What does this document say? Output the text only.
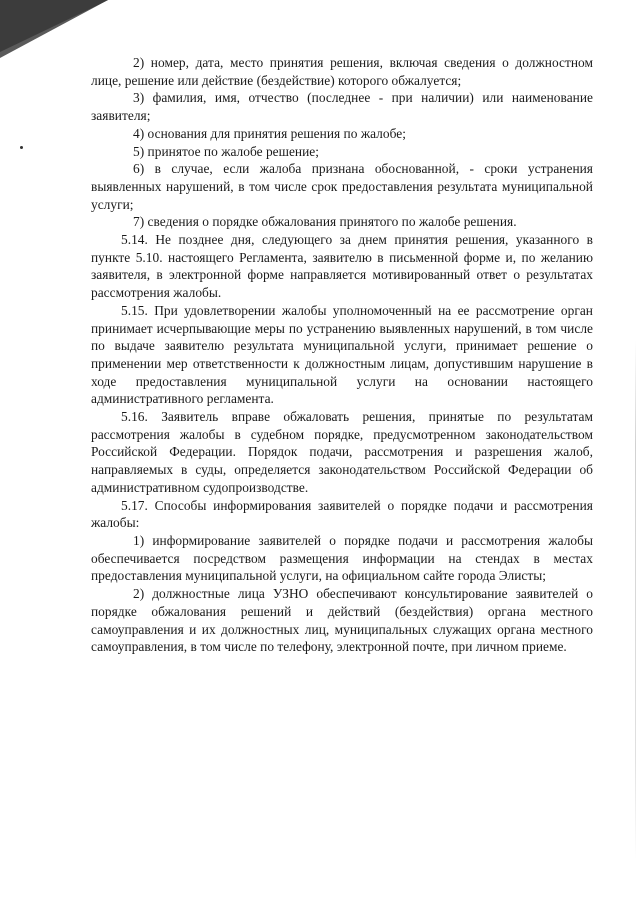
2) номер, дата, место принятия решения, включая сведения о должностном лице, решение или действие (бездействие) которого обжалуется;

3) фамилия, имя, отчество (последнее - при наличии) или наименование заявителя;

4) основания для принятия решения по жалобе;

5) принятое по жалобе решение;

6) в случае, если жалоба признана обоснованной, - сроки устранения выявленных нарушений, в том числе срок предоставления результата муниципальной услуги;

7) сведения о порядке обжалования принятого по жалобе решения.

5.14. Не позднее дня, следующего за днем принятия решения, указанного в пункте 5.10. настоящего Регламента, заявителю в письменной форме и, по желанию заявителя, в электронной форме направляется мотивированный ответ о результатах рассмотрения жалобы.

5.15. При удовлетворении жалобы уполномоченный на ее рассмотрение орган принимает исчерпывающие меры по устранению выявленных нарушений, в том числе по выдаче заявителю результата муниципальной услуги, принимает решение о применении мер ответственности к должностным лицам, допустившим нарушение в ходе предоставления муниципальной услуги на основании настоящего административного регламента.

5.16. Заявитель вправе обжаловать решения, принятые по результатам рассмотрения жалобы в судебном порядке, предусмотренном законодательством Российской Федерации. Порядок подачи, рассмотрения и разрешения жалоб, направляемых в суды, определяется законодательством Российской Федерации об административном судопроизводстве.

5.17. Способы информирования заявителей о порядке подачи и рассмотрения жалобы:

1) информирование заявителей о порядке подачи и рассмотрения жалобы обеспечивается посредством размещения информации на стендах в местах предоставления муниципальной услуги, на официальном сайте города Элисты;

2) должностные лица УЗНО обеспечивают консультирование заявителей о порядке обжалования решений и действий (бездействия) органа местного самоуправления и их должностных лиц, муниципальных служащих органа местного самоуправления, в том числе по телефону, электронной почте, при личном приеме.
